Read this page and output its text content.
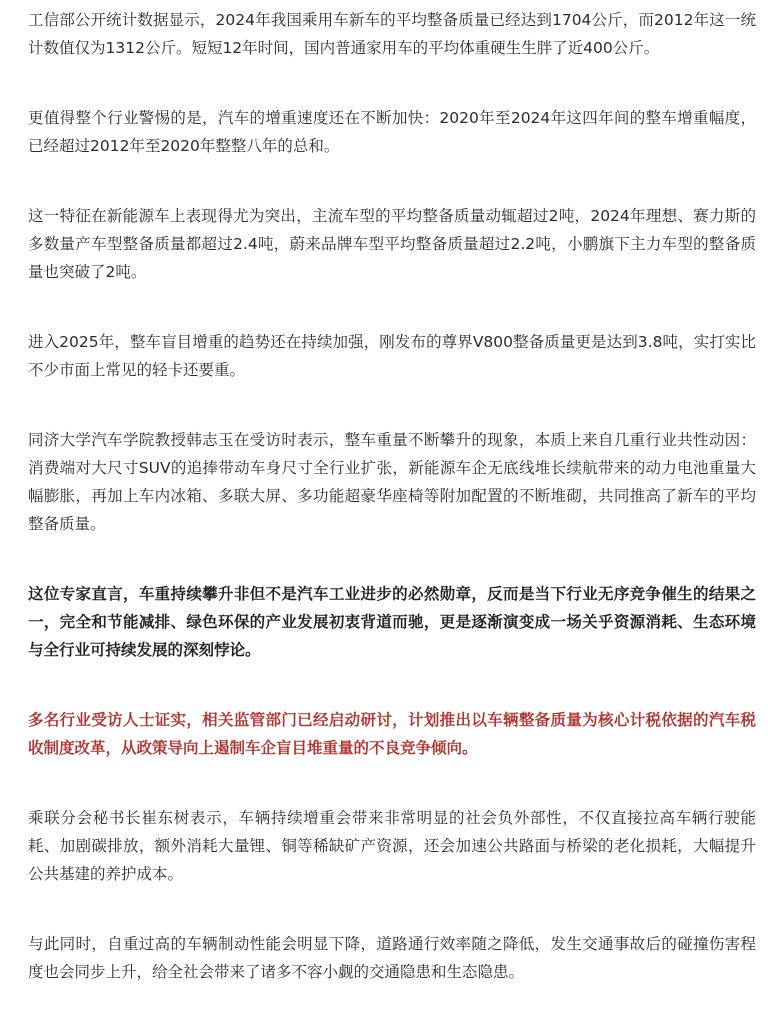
工信部公开统计数据显示，2024年我国乘用车新车的平均整备质量已经达到1704公斤，而2012年这一统计数值仅为1312公斤。短短12年时间，国内普通家用车的平均体重硬生生胖了近400公斤。

更值得整个行业警惕的是，汽车的增重速度还在不断加快：2020年至2024年这四年间的整车增重幅度，已经超过2012年至2020年整整八年的总和。

这一特征在新能源车上表现得尤为突出，主流车型的平均整备质量动辄超过2吨，2024年理想、赛力斯的多数量产车型整备质量都超过2.4吨，蔚来品牌车型平均整备质量超过2.2吨，小鹏旗下主力车型的整备质量也突破了2吨。

进入2025年，整车盲目增重的趋势还在持续加强，刚发布的尊界V800整备质量更是达到3.8吨，实打实比不少市面上常见的轻卡还要重。

同济大学汽车学院教授韩志玉在受访时表示，整车重量不断攀升的现象，本质上来自几重行业共性动因：消费端对大尺寸SUV的追捧带动车身尺寸全行业扩张，新能源车企无底线堆长续航带来的动力电池重量大幅膨胀，再加上车内冰箱、多联大屏、多功能超豪华座椅等附加配置的不断堆砌，共同推高了新车的平均整备质量。

这位专家直言，车重持续攀升非但不是汽车工业进步的必然勋章，反而是当下行业无序竞争催生的结果之一，完全和节能减排、绿色环保的产业发展初衷背道而驰，更是逐渐演变成一场关乎资源消耗、生态环境与全行业可持续发展的深刻悖论。

多名行业受访人士证实，相关监管部门已经启动研讨，计划推出以车辆整备质量为核心计税依据的汽车税收制度改革，从政策导向上遏制车企盲目堆重量的不良竞争倾向。

乘联分会秘书长崔东树表示，车辆持续增重会带来非常明显的社会负外部性，不仅直接拉高车辆行驶能耗、加剧碳排放，额外消耗大量锂、铜等稀缺矿产资源，还会加速公共路面与桥梁的老化损耗，大幅提升公共基建的养护成本。

与此同时，自重过高的车辆制动性能会明显下降，道路通行效率随之降低，发生交通事故后的碰撞伤害程度也会同步上升，给全社会带来了诸多不容小觑的交通隐患和生态隐患。
